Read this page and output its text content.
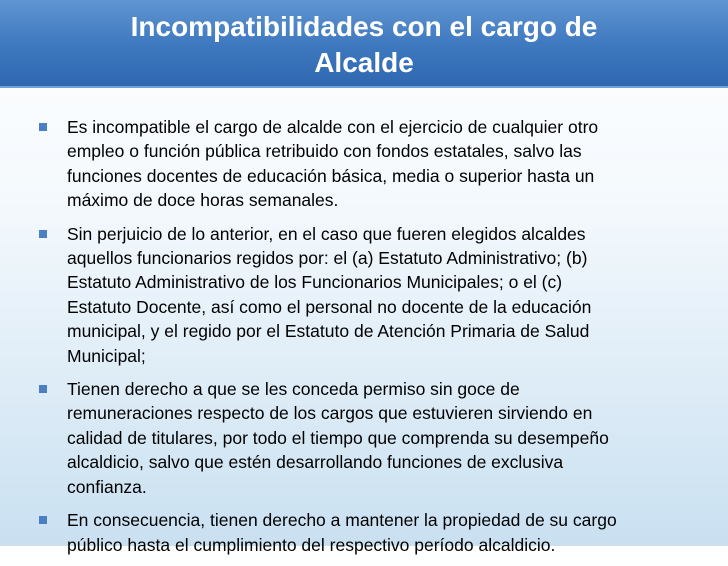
Incompatibilidades con el cargo de
Alcalde
Es incompatible el cargo de alcalde con el ejercicio de cualquier otro
empleo o función pública retribuido con fondos estatales, salvo las
funciones docentes de educación básica, media o superior hasta un
máximo de doce horas semanales.
Sin perjuicio de lo anterior, en el caso que fueren elegidos alcaldes
aquellos funcionarios regidos por: el (a) Estatuto Administrativo; (b)
Estatuto Administrativo de los Funcionarios Municipales; o el (c)
Estatuto Docente, así como el personal no docente de la educación
municipal, y el regido por el Estatuto de Atención Primaria de Salud
Municipal;
Tienen derecho a que se les conceda permiso sin goce de
remuneraciones respecto de los cargos que estuvieren sirviendo en
calidad de titulares, por todo el tiempo que comprenda su desempeño
alcaldicio, salvo que estén desarrollando funciones de exclusiva
confianza.
En consecuencia, tienen derecho a mantener la propiedad de su cargo
público hasta el cumplimiento del respectivo período alcaldicio.
